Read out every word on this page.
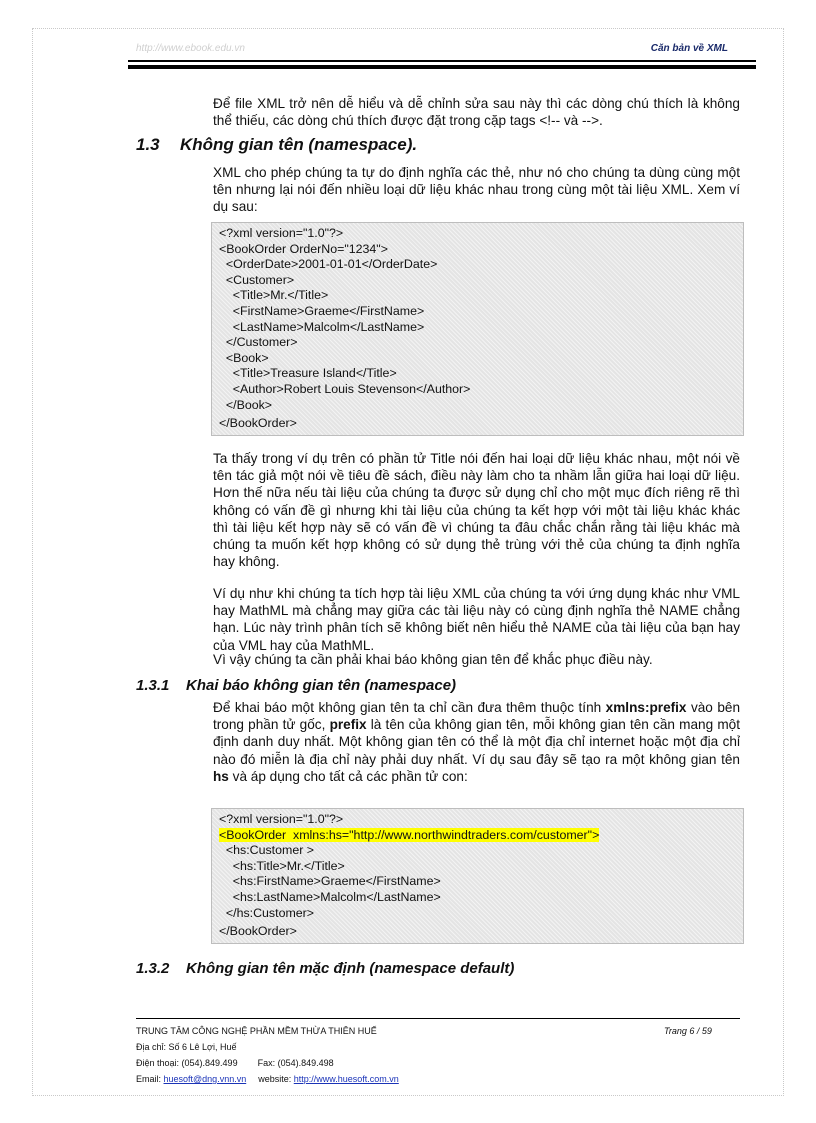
http://www.ebook.edu.vn	Căn bản về XML

Để file XML trở nên dễ hiểu và dễ chỉnh sửa sau này thì các dòng chú thích là không thể thiếu, các dòng chú thích được đặt trong cặp tags <!-- và -->.

1.3 Không gian tên (namespace).

XML cho phép chúng ta tự do định nghĩa các thẻ, như nó cho chúng ta dùng cùng một tên nhưng lại nói đến nhiều loại dữ liệu khác nhau trong cùng một tài liệu XML. Xem ví dụ sau:

<?xml version="1.0"?>
<BookOrder OrderNo="1234">
<OrderDate>2001-01-01</OrderDate>
<Customer>
<Title>Mr.</Title>
<FirstName>Graeme</FirstName>
<LastName>Malcolm</LastName>
</Customer>
<Book>
<Title>Treasure Island</Title>
<Author>Robert Louis Stevenson</Author>
</Book>
</BookOrder>

Ta thấy trong ví dụ trên có phần tử Title nói đến hai loại dữ liệu khác nhau, một nói về tên tác giả một nói về tiêu đề sách, điều này làm cho ta nhầm lẫn giữa hai loại dữ liệu. Hơn thế nữa nếu tài liệu của chúng ta được sử dụng chỉ cho một mục đích riêng rẽ thì không có vấn đề gì nhưng khi tài liệu của chúng ta kết hợp với một tài liệu khác khác thì tài liệu kết hợp này sẽ có vấn đề vì chúng ta đâu chắc chắn rằng tài liệu khác mà chúng ta muốn kết hợp không có sử dụng thẻ trùng với thẻ của chúng ta định nghĩa hay không.

Ví dụ như khi chúng ta tích hợp tài liệu XML của chúng ta với ứng dụng khác như VML hay MathML mà chẳng may giữa các tài liệu này có cùng định nghĩa thẻ NAME chẳng hạn. Lúc này trình phân tích sẽ không biết nên hiểu thẻ NAME của tài liệu của bạn hay của VML hay của MathML.

Vì vậy chúng ta cần phải khai báo không gian tên để khắc phục điều này.

1.3.1 Khai báo không gian tên (namespace)

Để khai báo một không gian tên ta chỉ cần đưa thêm thuộc tính xmlns:prefix vào bên trong phần tử gốc, prefix là tên của không gian tên, mỗi không gian tên cần mang một định danh duy nhất. Một không gian tên có thể là một địa chỉ internet hoặc một địa chỉ nào đó miễn là địa chỉ này phải duy nhất. Ví dụ sau đây sẽ tạo ra một không gian tên hs và áp dụng cho tất cả các phần tử con:

<?xml version="1.0"?>
<BookOrder  xmlns:hs="http://www.northwindtraders.com/customer">
<hs:Customer >
<hs:Title>Mr.</Title>
<hs:FirstName>Graeme</FirstName>
<hs:LastName>Malcolm</LastName>
</hs:Customer>
</BookOrder>
1.3.2 Không gian tên mặc định (namespace default)
TRUNG TÂM CÔNG NGHỆ PHẦN MỀM THỪA THIÊN HUẾ	Trang 6 / 59
Địa chỉ: Số 6 Lê Lợi, Huế
Điện thoại: (054).849.499 Fax: (054).849.498
Email: huesoft@dng.vnn.vn website: http://www.huesoft.com.vn
